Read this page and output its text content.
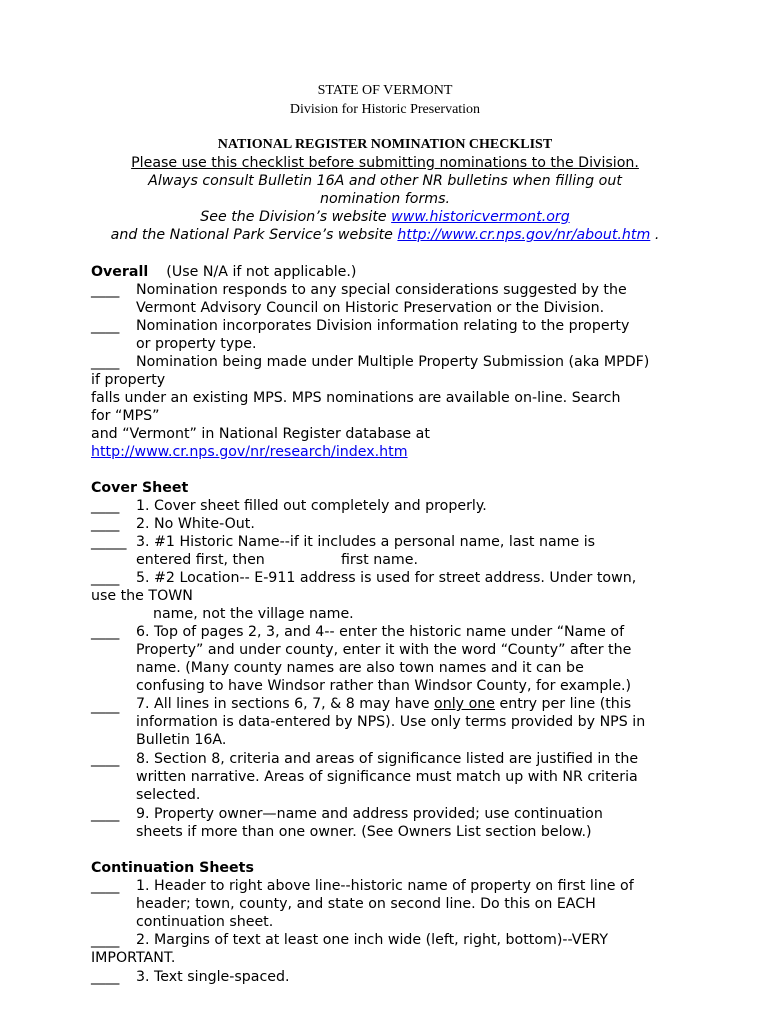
STATE OF VERMONT
Division for Historic Preservation
NATIONAL REGISTER NOMINATION CHECKLIST
Please use this checklist before submitting nominations to the Division.
Always consult Bulletin 16A and other NR bulletins when filling out
nomination forms.
See the Division’s website www.historicvermont.org
and the National Park Service’s website http://www.cr.nps.gov/nr/about.htm .
Overall (Use N/A if not applicable.)
____ Nomination responds to any special considerations suggested by the
Vermont Advisory Council on Historic Preservation or the Division.
____ Nomination incorporates Division information relating to the property
or property type.
____ Nomination being made under Multiple Property Submission (aka MPDF)
if property
falls under an existing MPS. MPS nominations are available on-line. Search
for “MPS”
and “Vermont” in National Register database at
http://www.cr.nps.gov/nr/research/index.htm
Cover Sheet
____ 1. Cover sheet filled out completely and properly.
____ 2. No White-Out.
_____ 3. #1 Historic Name--if it includes a personal name, last name is
entered first, then	first name.
____ 5. #2 Location-- E-911 address is used for street address. Under town,
use the TOWN
name, not the village name.
____ 6. Top of pages 2, 3, and 4-- enter the historic name under “Name of
Property” and under county, enter it with the word “County” after the
name. (Many county names are also town names and it can be
confusing to have Windsor rather than Windsor County, for example.)
____ 7. All lines in sections 6, 7, & 8 may have only one entry per line (this
information is data-entered by NPS). Use only terms provided by NPS in
Bulletin 16A.
____ 8. Section 8, criteria and areas of significance listed are justified in the
written narrative. Areas of significance must match up with NR criteria
selected.
____ 9. Property owner—name and address provided; use continuation
sheets if more than one owner. (See Owners List section below.)
Continuation Sheets
____ 1. Header to right above line--historic name of property on first line of
header; town, county, and state on second line. Do this on EACH
continuation sheet.
____ 2. Margins of text at least one inch wide (left, right, bottom)--VERY
IMPORTANT.
____ 3. Text single-spaced.
